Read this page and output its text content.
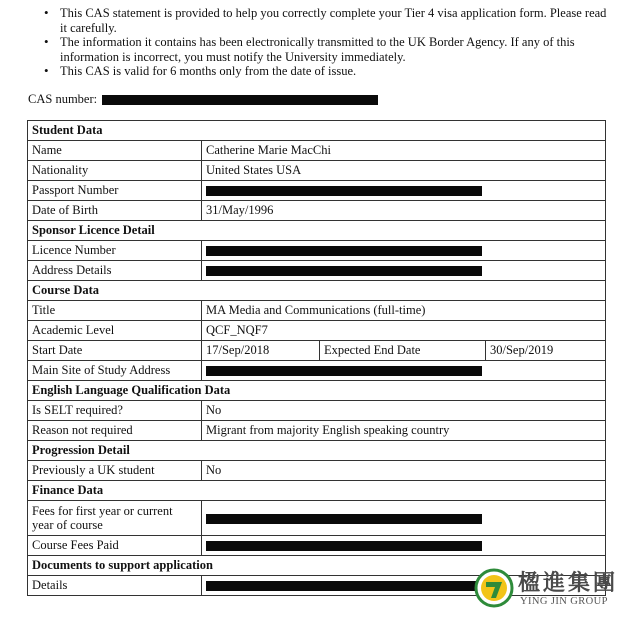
• This CAS statement is provided to help you correctly complete your Tier 4 visa application form. Please read it carefully.
• The information it contains has been electronically transmitted to the UK Border Agency. If any of this information is incorrect, you must notify the University immediately.
• This CAS is valid for 6 months only from the date of issue.
CAS number:
Student Data			
Name	Catherine Marie MacChi		
Nationality	United States USA		
Passport Number			
Date of Birth	31/May/1996		
Sponsor Licence Detail			
Licence Number			
Address Details			
Course Data			
Title	MA Media and Communications (full-time)		
Academic Level	QCF_NQF7		
Start Date	17/Sep/2018	Expected End Date	30/Sep/2019
Main Site of Study Address			
English Language Qualification Data			
Is SELT required?	No		
Reason not required	Migrant from majority English speaking country		
Progression Detail			
Previously a UK student	No		
Finance Data			
Fees for first year or current year of course			
Course Fees Paid			
Documents to support application			
Details				楹進集團
YING JIN GROUP
